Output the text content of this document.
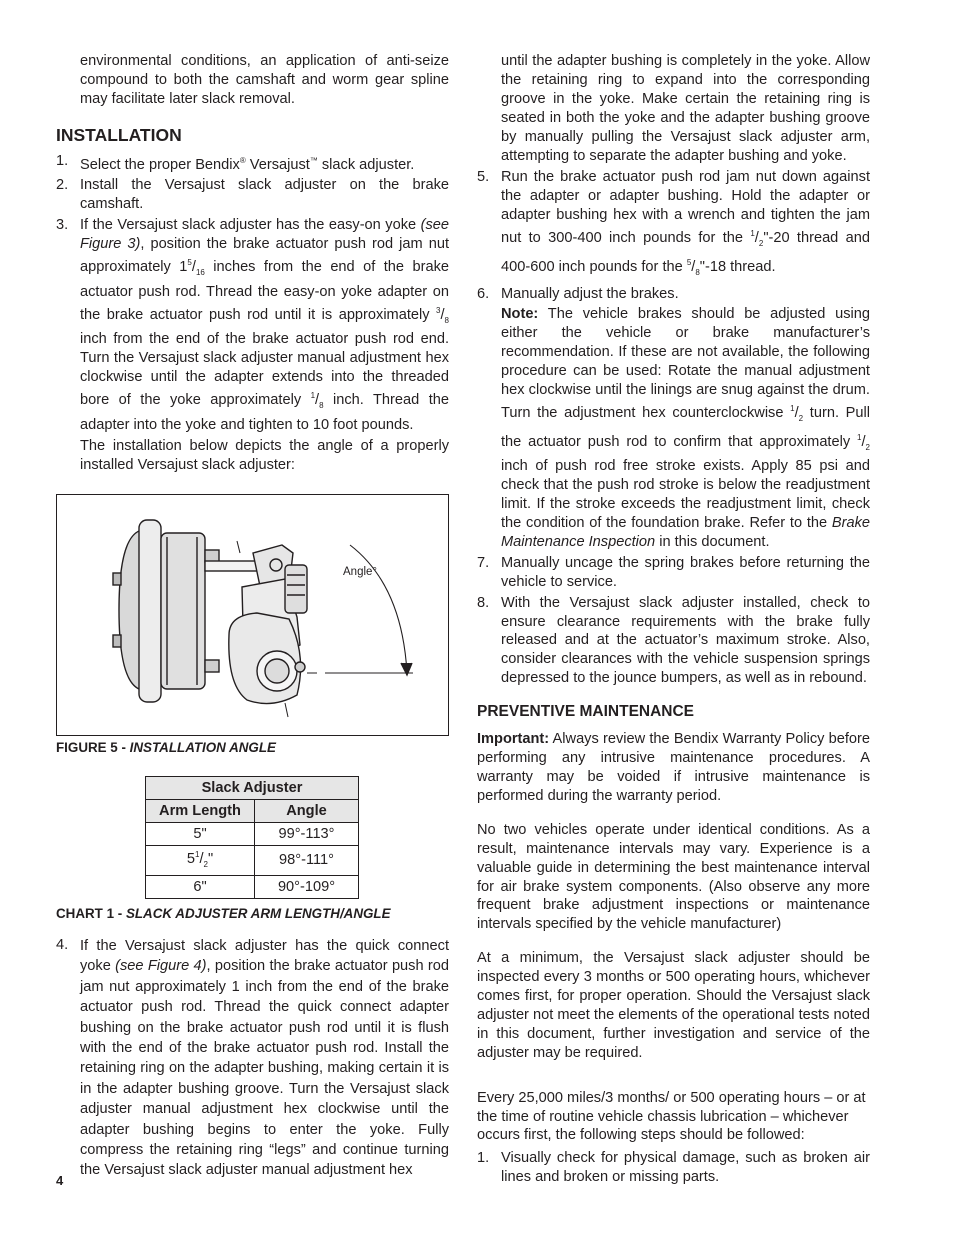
environmental conditions, an application of anti-seize compound to both the camshaft and worm gear spline may facilitate later slack removal.

INSTALLATION
1. Select the proper Bendix® Versajust™ slack adjuster.

2. Install the Versajust slack adjuster on the brake camshaft.

3. If the Versajust slack adjuster has the easy-on yoke (see Figure 3), position the brake actuator push rod jam nut approximately $1^5/_{16}$ inches from the end of the brake actuator push rod. Thread the easy-on yoke adapter on the brake actuator push rod until it is approximately $^3/_8$ inch from the end of the brake actuator push rod end. Turn the Versajust slack adjuster manual adjustment hex clockwise until the adapter extends into the threaded bore of the yoke approximately $^1/_8$ inch. Thread the adapter into the yoke and tighten to 10 foot pounds.

The installation below depicts the angle of a properly installed Versajust slack adjuster:

Angle°
FIGURE 5 - INSTALLATION ANGLE
Slack Adjuster	
Arm Length	Angle
5"	99°-113°
$5^1/_2$"	98°-111°
6"	90°-109°
CHART 1 - SLACK ADJUSTER ARM LENGTH/ANGLE
4. If the Versajust slack adjuster has the quick connect yoke (see Figure 4), position the brake actuator push rod jam nut approximately 1 inch from the end of the brake actuator push rod. Thread the quick connect adapter bushing on the brake actuator push rod until it is flush with the end of the brake actuator push rod. Install the retaining ring on the adapter bushing, making certain it is in the adapter bushing groove. Turn the Versajust slack adjuster manual adjustment hex clockwise until the adapter bushing begins to enter the yoke. Fully compress the retaining ring “legs” and continue turning the Versajust slack adjuster manual adjustment hex

until the adapter bushing is completely in the yoke. Allow the retaining ring to expand into the corresponding groove in the yoke. Make certain the retaining ring is seated in both the yoke and the adapter bushing groove by manually pulling the Versajust slack adjuster arm, attempting to separate the adapter bushing and yoke.

5. Run the brake actuator push rod jam nut down against the adapter or adapter bushing. Hold the adapter or adapter bushing hex with a wrench and tighten the jam nut to 300-400 inch pounds for the $^1/_2"-20$ thread and 400-600 inch pounds for the $^5/_8"-18$ thread.

6. Manually adjust the brakes.

Note: The vehicle brakes should be adjusted using either the vehicle or brake manufacturer’s recommendation. If these are not available, the following procedure can be used: Rotate the manual adjustment hex clockwise until the linings are snug against the drum. Turn the adjustment hex counterclockwise $^1/_2$ turn. Pull the actuator push rod to confirm that approximately $^1/_2$ inch of push rod free stroke exists. Apply 85 psi and check that the push rod stroke is below the readjustment limit. If the stroke exceeds the readjustment limit, check the condition of the foundation brake. Refer to the Brake Maintenance Inspection in this document.

7. Manually uncage the spring brakes before returning the vehicle to service.

8. With the Versajust slack adjuster installed, check to ensure clearance requirements with the brake fully released and at the actuator’s maximum stroke. Also, consider clearances with the vehicle suspension springs depressed to the jounce bumpers, as well as in rebound.

PREVENTIVE MAINTENANCE

Important: Always review the Bendix Warranty Policy before performing any intrusive maintenance procedures. A warranty may be voided if intrusive maintenance is performed during the warranty period.

No two vehicles operate under identical conditions. As a result, maintenance intervals may vary. Experience is a valuable guide in determining the best maintenance interval for air brake system components. (Also observe any more frequent brake adjustment inspections or maintenance intervals specified by the vehicle manufacturer)

At a minimum, the Versajust slack adjuster should be inspected every 3 months or 500 operating hours, whichever comes first, for proper operation. Should the Versajust slack adjuster not meet the elements of the operational tests noted in this document, further investigation and service of the adjuster may be required.

Every 25,000 miles/3 months/ or 500 operating hours – or at the time of routine vehicle chassis lubrication – whichever occurs first, the following steps should be followed:

1. Visually check for physical damage, such as broken air lines and broken or missing parts.

4
